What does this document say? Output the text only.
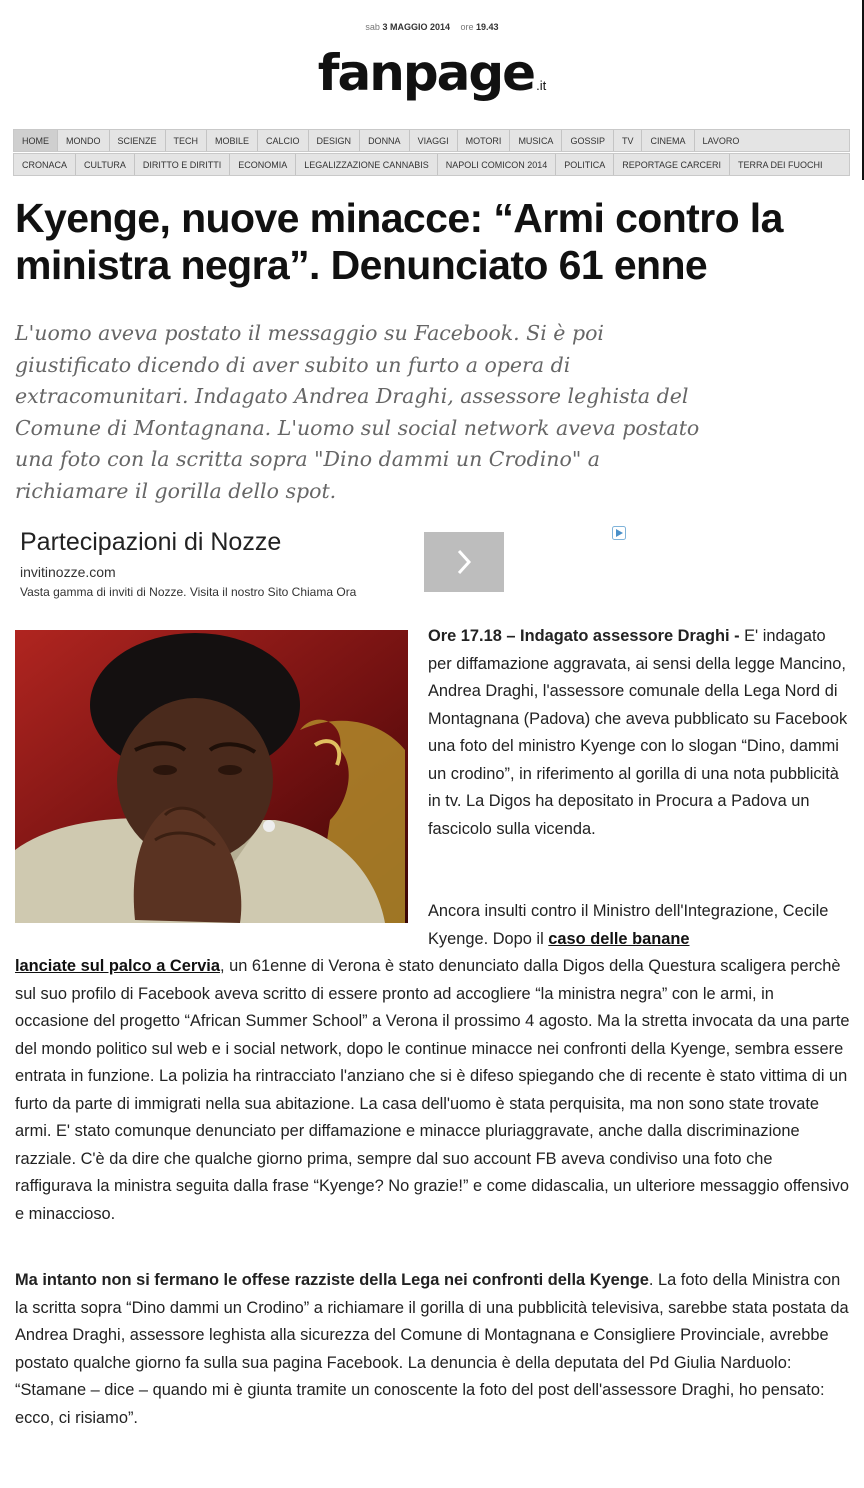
sab 3 MAGGIO 2014 ore 19.43
fanpage .it
HOME	MONDO	SCIENZE	TECH	MOBILE	CALCIO	DESIGN	DONNA	VIAGGI	MOTORI	MUSICA	GOSSIP	TV	CINEMA	LAVORO
CRONACA	CULTURA	DIRITTO E DIRITTI	ECONOMIA	LEGALIZZAZIONE CANNABIS	NAPOLI COMICON 2014	POLITICA	REPORTAGE CARCERI	TERRA DEI FUOCHI
Kyenge, nuove minacce: “Armi contro la ministra negra”. Denunciato 61 enne
L'uomo aveva postato il messaggio su Facebook. Si è poi giustificato dicendo di aver subito un furto a opera di extracomunitari. Indagato Andrea Draghi, assessore leghista del Comune di Montagnana. L'uomo sul social network aveva postato una foto con la scritta sopra "Dino dammi un Crodino" a richiamare il gorilla dello spot.
Partecipazioni di Nozze
invitinozze.com
Vasta gamma di inviti di Nozze. Visita il nostro Sito Chiama Ora
Ore 17.18 – Indagato assessore Draghi - E' indagato per diffamazione aggravata, ai sensi della legge Mancino, Andrea Draghi, l'assessore comunale della Lega Nord di Montagnana (Padova) che aveva pubblicato su Facebook una foto del ministro Kyenge con lo slogan “Dino, dammi un crodino”, in riferimento al gorilla di una nota pubblicità in tv. La Digos ha depositato in Procura a Padova un fascicolo sulla vicenda.
Ancora insulti contro il Ministro dell'Integrazione, Cecile Kyenge. Dopo il caso delle banane
lanciate sul palco a Cervia, un 61enne di Verona è stato denunciato dalla Digos della Questura scaligera perchè sul suo profilo di Facebook aveva scritto di essere pronto ad accogliere “la ministra negra” con le armi, in occasione del progetto “African Summer School” a Verona il prossimo 4 agosto. Ma la stretta invocata da una parte del mondo politico sul web e i social network, dopo le continue minacce nei confronti della Kyenge, sembra essere entrata in funzione. La polizia ha rintracciato l'anziano che si è difeso spiegando che di recente è stato vittima di un furto da parte di immigrati nella sua abitazione. La casa dell'uomo è stata perquisita, ma non sono state trovate armi. E' stato comunque denunciato per diffamazione e minacce pluriaggravate, anche dalla discriminazione razziale. C'è da dire che qualche giorno prima, sempre dal suo account FB aveva condiviso una foto che raffigurava la ministra seguita dalla frase “Kyenge? No grazie!” e come didascalia, un ulteriore messaggio offensivo e minaccioso.
Ma intanto non si fermano le offese razziste della Lega nei confronti della Kyenge. La foto della Ministra con la scritta sopra “Dino dammi un Crodino” a richiamare il gorilla di una pubblicità televisiva, sarebbe stata postata da Andrea Draghi, assessore leghista alla sicurezza del Comune di Montagnana e Consigliere Provinciale, avrebbe postato qualche giorno fa sulla sua pagina Facebook. La denuncia è della deputata del Pd Giulia Narduolo: “Stamane – dice – quando mi è giunta tramite un conoscente la foto del post dell'assessore Draghi, ho pensato: ecco, ci risiamo”.
